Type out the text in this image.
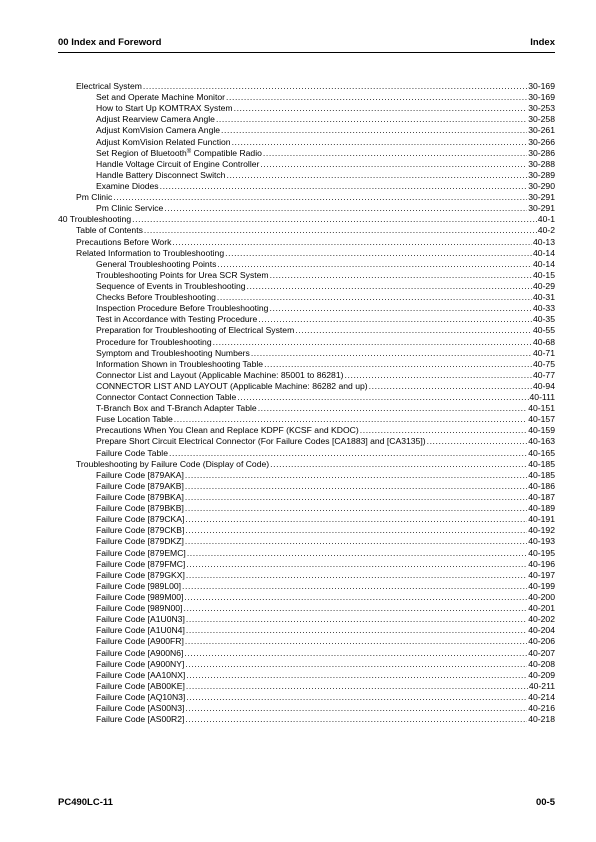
00 Index and Foreword	Index
Electrical System .....	30-169
Set and Operate Machine Monitor .....	30-169
How to Start Up KOMTRAX System .....	30-253
Adjust Rearview Camera Angle .....	30-258
Adjust KomVision Camera Angle .....	30-261
Adjust KomVision Related Function .....	30-266
Set Region of Bluetooth® Compatible Radio .....	30-286
Handle Voltage Circuit of Engine Controller .....	30-288
Handle Battery Disconnect Switch .....	30-289
Examine Diodes .....	30-290
Pm Clinic .....	30-291
Pm Clinic Service .....	30-291
40 Troubleshooting .....	40-1
Table of Contents .....	40-2
Precautions Before Work .....	40-13
Related Information to Troubleshooting .....	40-14
General Troubleshooting Points .....	40-14
Troubleshooting Points for Urea SCR System .....	40-15
Sequence of Events in Troubleshooting .....	40-29
Checks Before Troubleshooting .....	40-31
Inspection Procedure Before Troubleshooting .....	40-33
Test in Accordance with Testing Procedure .....	40-35
Preparation for Troubleshooting of Electrical System .....	40-55
Procedure for Troubleshooting .....	40-68
Symptom and Troubleshooting Numbers .....	40-71
Information Shown in Troubleshooting Table .....	40-75
Connector List and Layout (Applicable Machine: 85001 to 86281) .....	40-77
CONNECTOR LIST AND LAYOUT (Applicable Machine: 86282 and up) .....	40-94
Connector Contact Connection Table .....	40-111
T-Branch Box and T-Branch Adapter Table .....	40-151
Fuse Location Table .....	40-157
Precautions When You Clean and Replace KDPF (KCSF and KDOC) .....	40-159
Prepare Short Circuit Electrical Connector (For Failure Codes [CA1883] and [CA3135]) .....	40-163
Failure Code Table .....	40-165
Troubleshooting by Failure Code (Display of Code) .....	40-185
Failure Code [879AKA] .....	40-185
Failure Code [879AKB] .....	40-186
Failure Code [879BKA] .....	40-187
Failure Code [879BKB] .....	40-189
Failure Code [879CKA] .....	40-191
Failure Code [879CKB] .....	40-192
Failure Code [879DKZ] .....	40-193
Failure Code [879EMC] .....	40-195
Failure Code [879FMC] .....	40-196
Failure Code [879GKX] .....	40-197
Failure Code [989L00] .....	40-199
Failure Code [989M00] .....	40-200
Failure Code [989N00] .....	40-201
Failure Code [A1U0N3] .....	40-202
Failure Code [A1U0N4] .....	40-204
Failure Code [A900FR] .....	40-206
Failure Code [A900N6] .....	40-207
Failure Code [A900NY] .....	40-208
Failure Code [AA10NX] .....	40-209
Failure Code [AB00KE] .....	40-211
Failure Code [AQ10N3] .....	40-214
Failure Code [AS00N3] .....	40-216
Failure Code [AS00R2] .....	40-218
PC490LC-11	00-5
